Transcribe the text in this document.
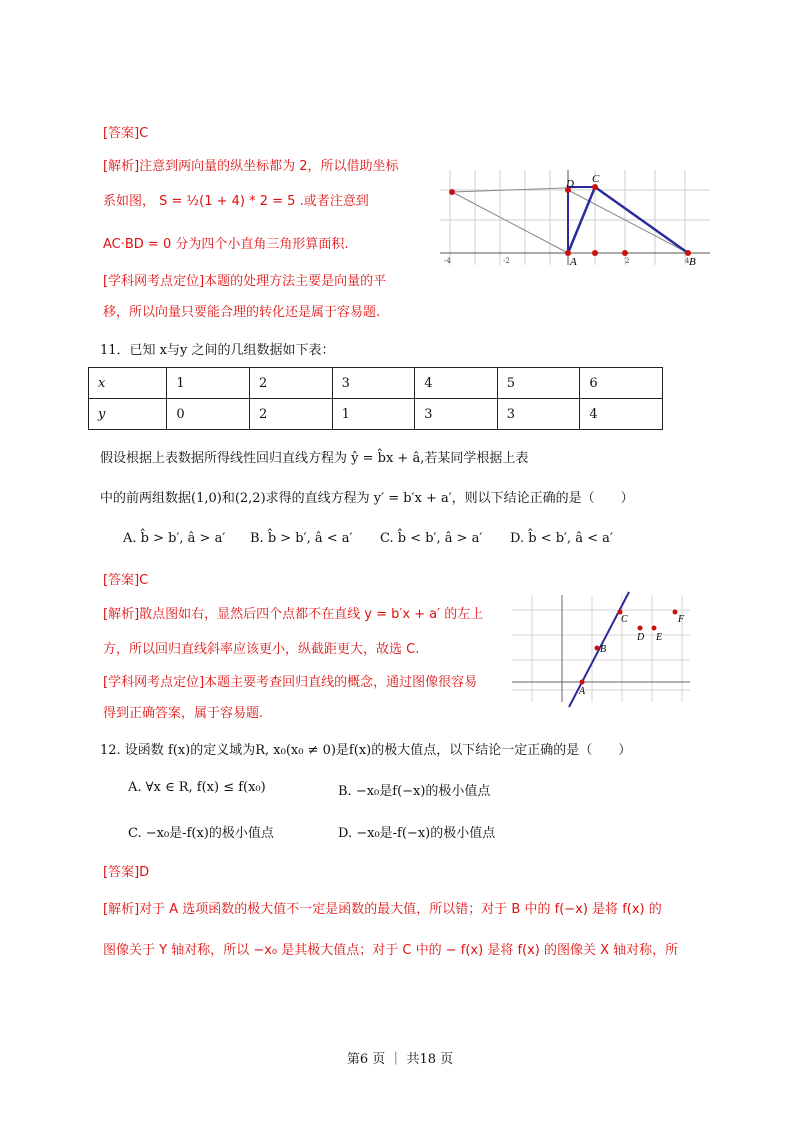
[答案]C
[解析]注意到两向量的纵坐标都为 2，所以借助坐标
系如图， S = ½(1 + 4) * 2 = 5 .或者注意到
AC·BD = 0 分为四个小直角三角形算面积.
[学科网考点定位]本题的处理方法主要是向量的平
移，所以向量只要能合理的转化还是属于容易题.
D C
A	B
-4	-2	2	4
11．已知 x与y 之间的几组数据如下表：
x	1	2	3	4	5	6
y	0	2	1	3	3	4
假设根据上表数据所得线性回归直线方程为 ŷ = b̂x + â,若某同学根据上表
中的前两组数据(1,0)和(2,2)求得的直线方程为 y′ = b′x + a′，则以下结论正确的是（　　）
A. b̂ > b′, â > a′ B. b̂ > b′, â < a′ C. b̂ < b′, â > a′ D. b̂ < b′, â < a′
[答案]C
[解析]散点图如右，显然后四个点都不在直线 y = b′x + a′ 的左上
方，所以回归直线斜率应该更小，纵截距更大，故选 C.
[学科网考点定位]本题主要考查回归直线的概念，通过图像很容易
得到正确答案，属于容易题.
C	F
D E
B
A
12. 设函数 f(x)的定义域为R, x₀(x₀ ≠ 0)是f(x)的极大值点，以下结论一定正确的是（　　）
A. ∀x ∈ R, f(x) ≤ f(x₀)	B. −x₀是f(−x)的极小值点
C. −x₀是-f(x)的极小值点	D. −x₀是-f(−x)的极小值点
[答案]D
[解析]对于 A 选项函数的极大值不一定是函数的最大值，所以错；对于 B 中的 f(−x) 是将 f(x) 的
图像关于 Y 轴对称，所以 −x₀ 是其极大值点；对于 C 中的 − f(x) 是将 f(x) 的图像关 X 轴对称，所
第6 页 ｜ 共18 页
